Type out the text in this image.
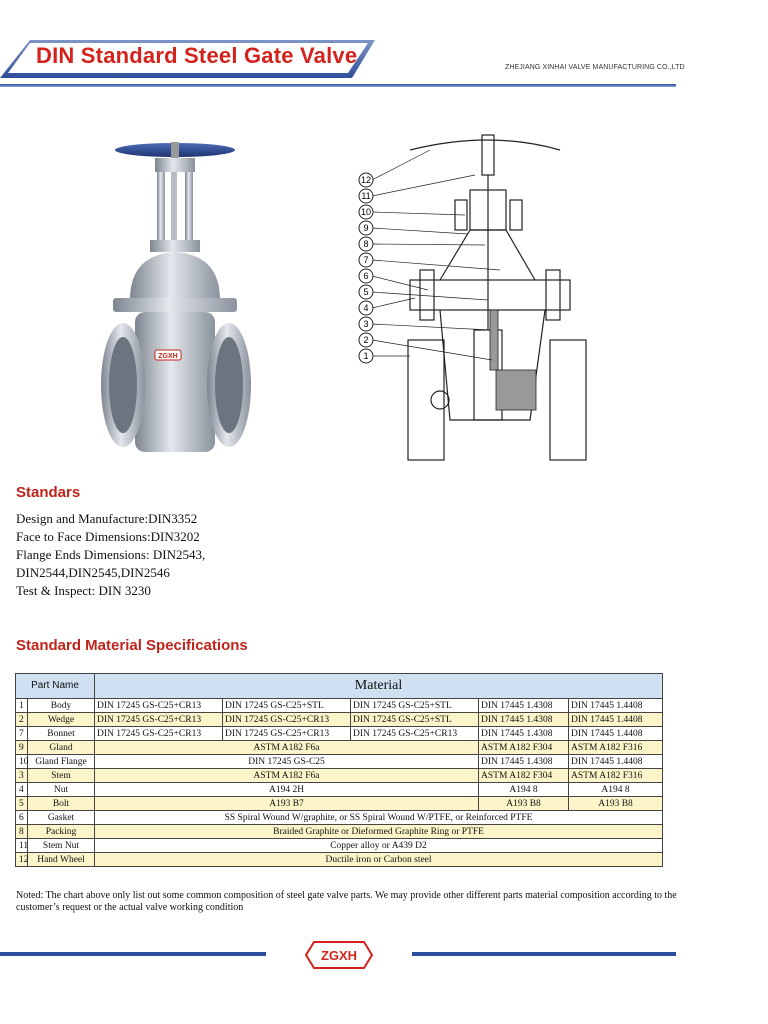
DIN Standard Steel Gate Valve	ZHEJIANG XINHAI VALVE MANUFACTURING CO.,LTD
ZGXH
12
11
10
9
8
7
6
5
4
3
2
1
Standars
Design and Manufacture:DIN3352
Face to Face Dimensions:DIN3202
Flange Ends Dimensions: DIN2543,
DIN2544,DIN2545,DIN2546
Test & Inspect: DIN 3230
Standard Material Specifications
Part Name		Material				
1	Body	DIN 17245 GS-C25+CR13	DIN 17245 GS-C25+STL	DIN 17245 GS-C25+STL	DIN 17445 1.4308	DIN 17445 1.4408
2	Wedge	DIN 17245 GS-C25+CR13	DIN 17245 GS-C25+CR13	DIN 17245 GS-C25+STL	DIN 17445 1.4308	DIN 17445 1.4408
7	Bonnet	DIN 17245 GS-C25+CR13	DIN 17245 GS-C25+CR13	DIN 17245 GS-C25+CR13	DIN 17445 1.4308	DIN 17445 1.4408
9	Gland	ASTM A182 F6a			ASTM A182 F304	ASTM A182 F316
10	Gland Flange	DIN 17245 GS-C25			DIN 17445 1.4308	DIN 17445 1.4408
3	Stem	ASTM A182 F6a			ASTM A182 F304	ASTM A182 F316
4	Nut	A194 2H			A194 8	A194 8
5	Bolt	A193 B7			A193 B8	A193 B8
6	Gasket	SS Spiral Wound W/graphite, or SS Spiral Wound W/PTFE, or Reinforced PTFE				
8	Packing	Braided Graphite or Dieformed Graphite Ring or PTFE				
11	Stem Nut	Copper alloy or A439 D2				
12	Hand Wheel	Ductile iron or Carbon steel				
Noted: The chart above only list out some common composition of steel gate valve parts. We may provide other different parts material composition according to the customer’s request or the actual valve working condition
ZGXH
